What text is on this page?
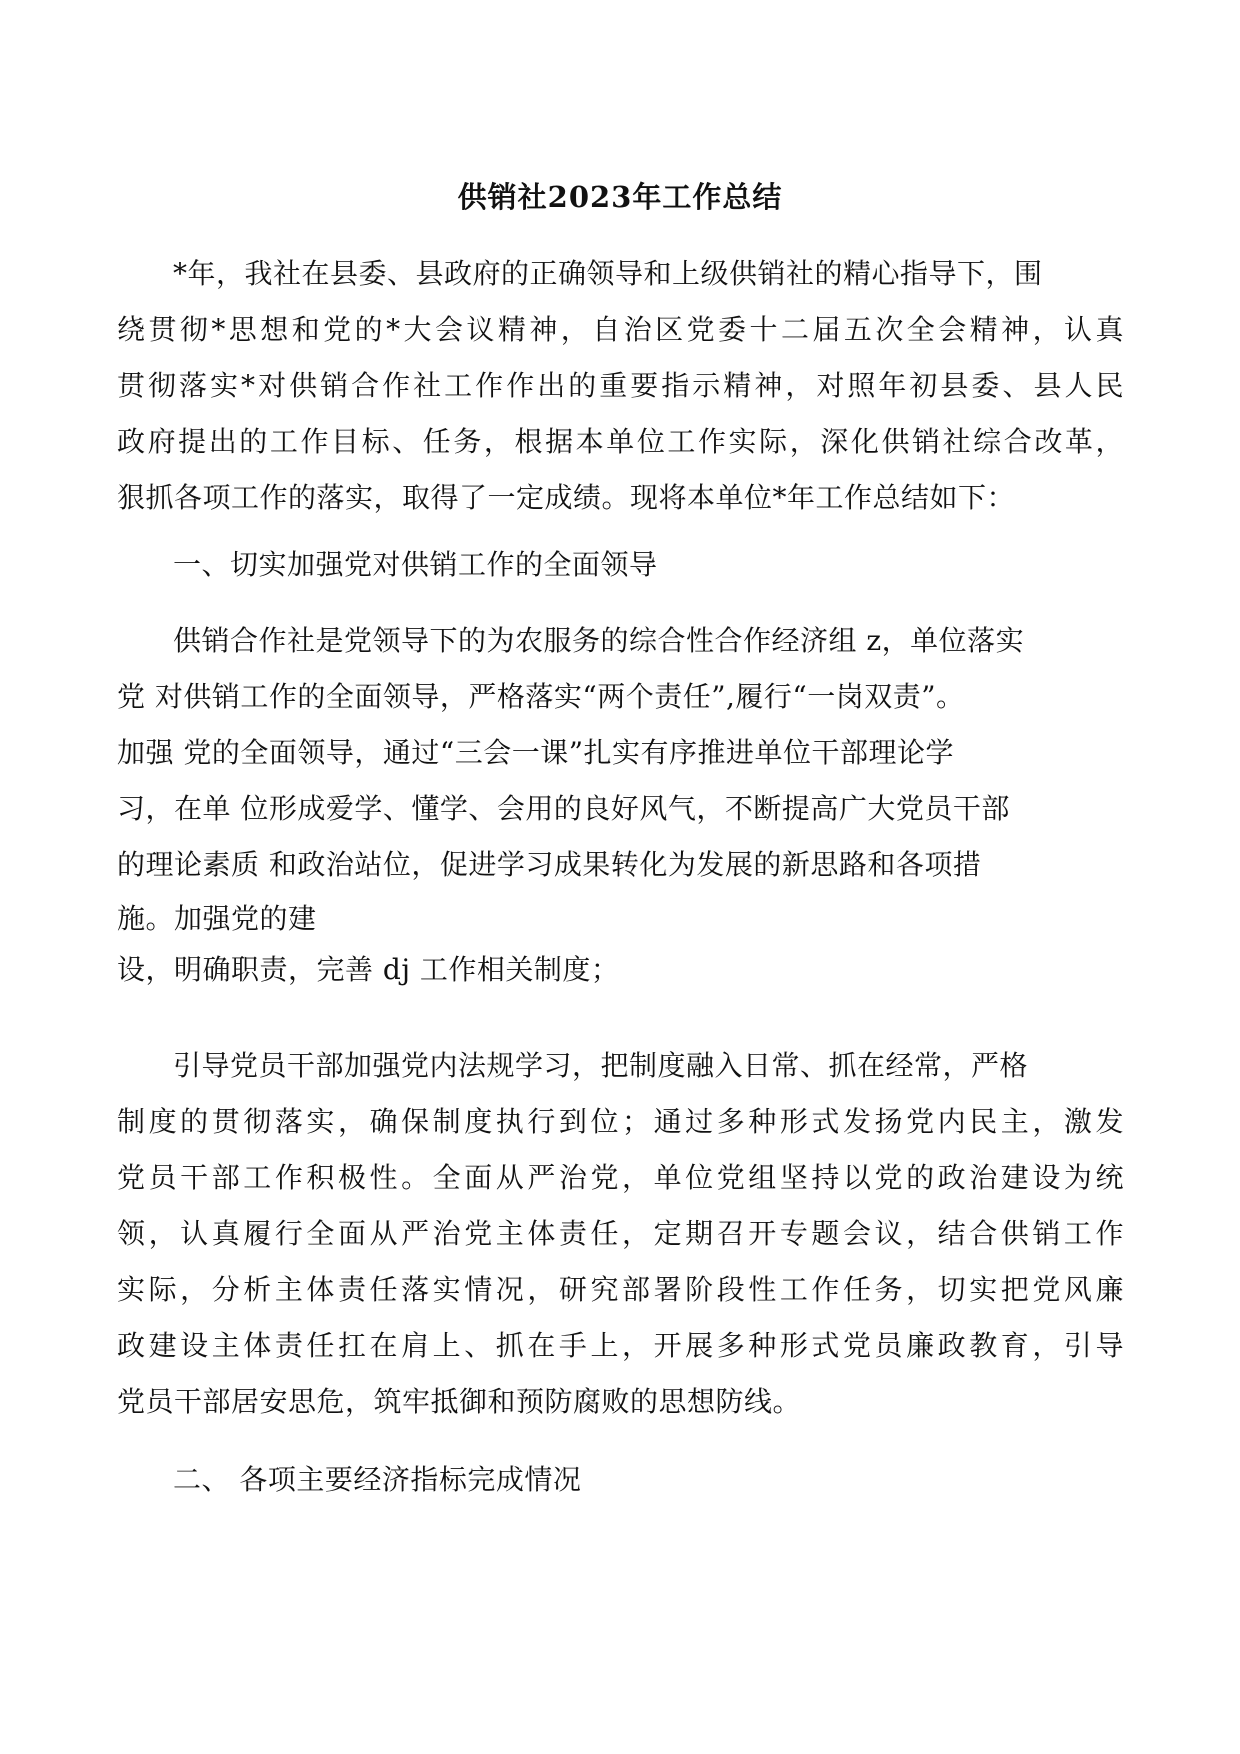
供销社2023年工作总结
*年，我社在县委、县政府的正确领导和上级供销社的精心指导下，围
绕贯彻*思想和党的*大会议精神，自治区党委十二届五次全会精神，认真
贯彻落实*对供销合作社工作作出的重要指示精神，对照年初县委、县人民
政府提出的工作目标、任务，根据本单位工作实际，深化供销社综合改革，
狠抓各项工作的落实，取得了一定成绩。现将本单位*年工作总结如下：
一、切实加强党对供销工作的全面领导
供销合作社是党领导下的为农服务的综合性合作经济组 z，单位落实
党 对供销工作的全面领导，严格落实“两个责任”,履行“一岗双责”。
加强 党的全面领导，通过“三会一课”扎实有序推进单位干部理论学
习，在单 位形成爱学、懂学、会用的良好风气，不断提高广大党员干部
的理论素质 和政治站位，促进学习成果转化为发展的新思路和各项措
施。加强党的建
设，明确职责，完善 dj 工作相关制度；
引导党员干部加强党内法规学习，把制度融入日常、抓在经常，严格
制度的贯彻落实，确保制度执行到位；通过多种形式发扬党内民主，激发
党员干部工作积极性。全面从严治党，单位党组坚持以党的政治建设为统
领，认真履行全面从严治党主体责任，定期召开专题会议，结合供销工作
实际，分析主体责任落实情况，研究部署阶段性工作任务，切实把党风廉
政建设主体责任扛在肩上、抓在手上，开展多种形式党员廉政教育，引导
党员干部居安思危，筑牢抵御和预防腐败的思想防线。
二、 各项主要经济指标完成情况
